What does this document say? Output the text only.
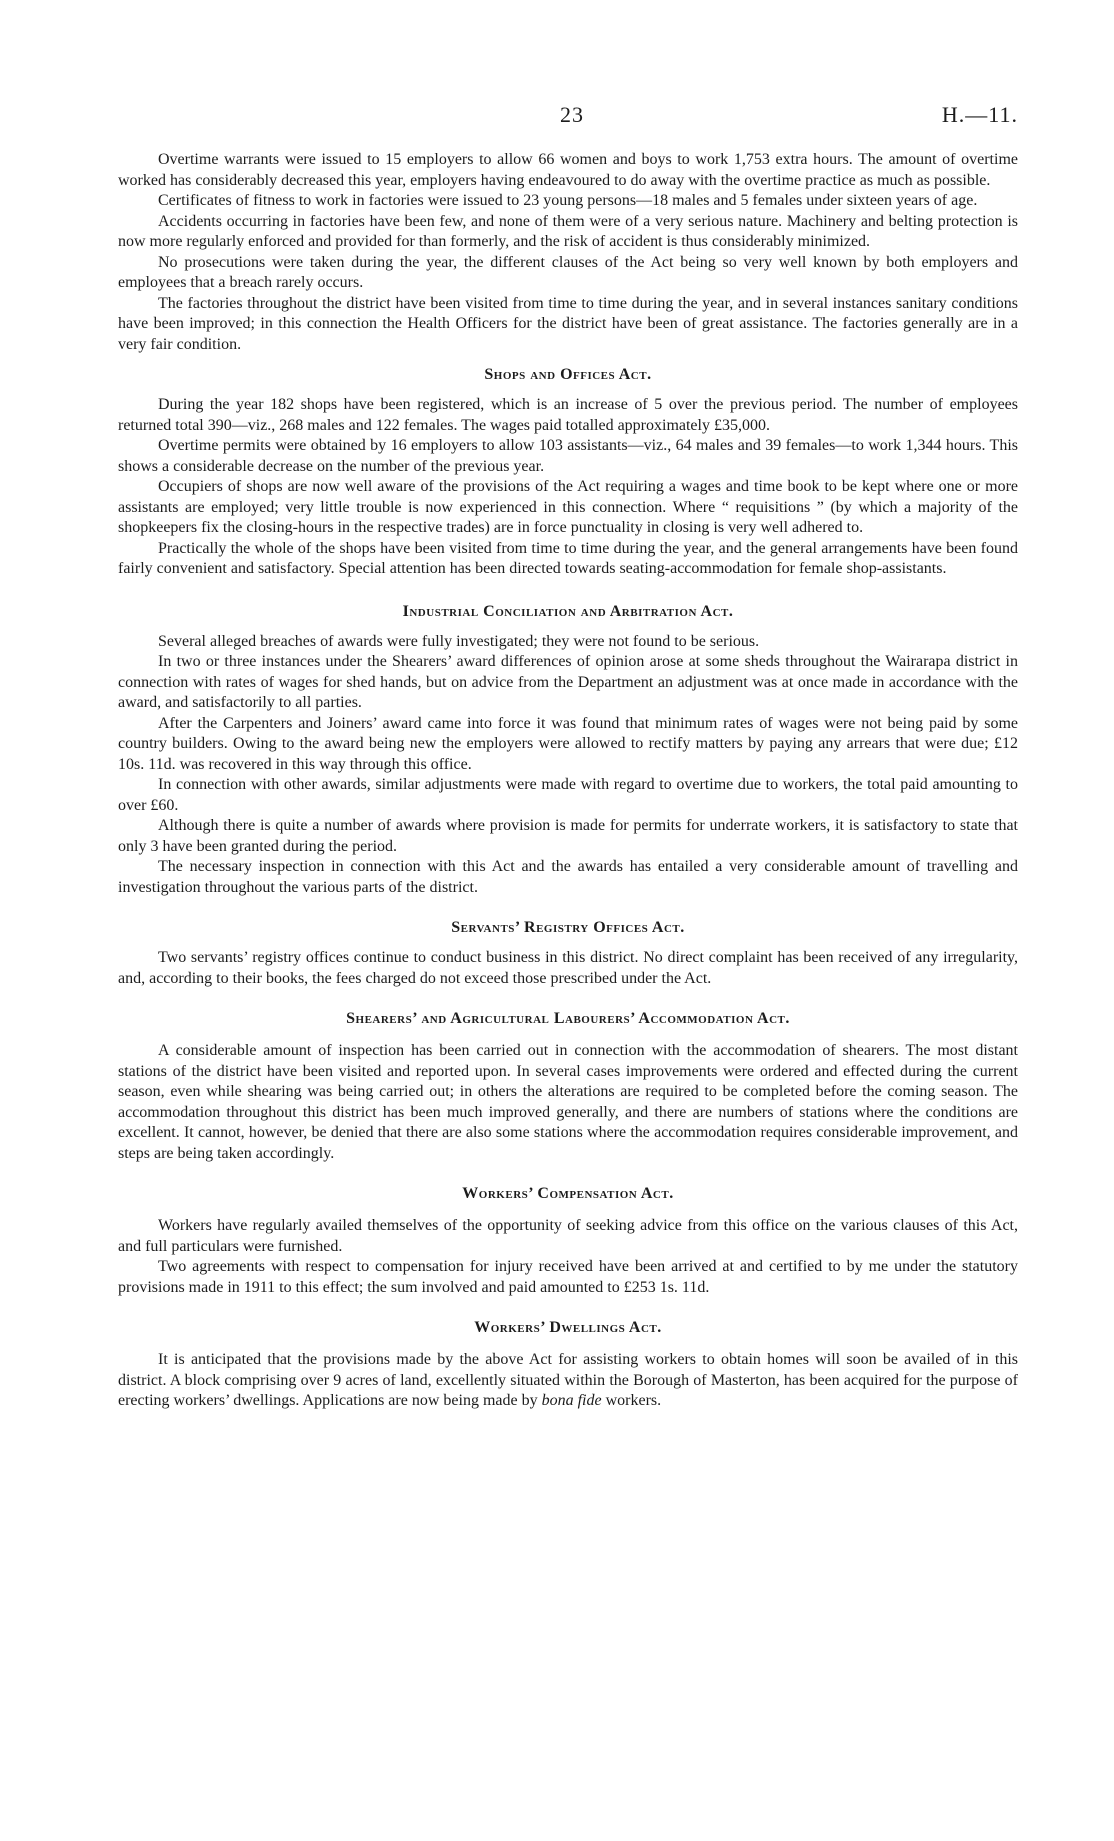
23	H.—11.

Overtime warrants were issued to 15 employers to allow 66 women and boys to work 1,753 extra hours. The amount of overtime worked has considerably decreased this year, employers having endeavoured to do away with the overtime practice as much as possible.

Certificates of fitness to work in factories were issued to 23 young persons—18 males and 5 females under sixteen years of age.

Accidents occurring in factories have been few, and none of them were of a very serious nature. Machinery and belting protection is now more regularly enforced and provided for than formerly, and the risk of accident is thus considerably minimized.

No prosecutions were taken during the year, the different clauses of the Act being so very well known by both employers and employees that a breach rarely occurs.

The factories throughout the district have been visited from time to time during the year, and in several instances sanitary conditions have been improved; in this connection the Health Officers for the district have been of great assistance. The factories generally are in a very fair condition.

Shops and Offices Act.

During the year 182 shops have been registered, which is an increase of 5 over the previous period. The number of employees returned total 390—viz., 268 males and 122 females. The wages paid totalled approximately £35,000.

Overtime permits were obtained by 16 employers to allow 103 assistants—viz., 64 males and 39 females—to work 1,344 hours. This shows a considerable decrease on the number of the previous year.

Occupiers of shops are now well aware of the provisions of the Act requiring a wages and time book to be kept where one or more assistants are employed; very little trouble is now experienced in this connection. Where “ requisitions ” (by which a majority of the shopkeepers fix the closing-hours in the respective trades) are in force punctuality in closing is very well adhered to.

Practically the whole of the shops have been visited from time to time during the year, and the general arrangements have been found fairly convenient and satisfactory. Special attention has been directed towards seating-accommodation for female shop-assistants.

Industrial Conciliation and Arbitration Act.

Several alleged breaches of awards were fully investigated; they were not found to be serious.

In two or three instances under the Shearers’ award differences of opinion arose at some sheds throughout the Wairarapa district in connection with rates of wages for shed hands, but on advice from the Department an adjustment was at once made in accordance with the award, and satisfactorily to all parties.

After the Carpenters and Joiners’ award came into force it was found that minimum rates of wages were not being paid by some country builders. Owing to the award being new the employers were allowed to rectify matters by paying any arrears that were due; £12 10s. 11d. was recovered in this way through this office.

In connection with other awards, similar adjustments were made with regard to overtime due to workers, the total paid amounting to over £60.

Although there is quite a number of awards where provision is made for permits for underrate workers, it is satisfactory to state that only 3 have been granted during the period.

The necessary inspection in connection with this Act and the awards has entailed a very considerable amount of travelling and investigation throughout the various parts of the district.

Servants’ Registry Offices Act.

Two servants’ registry offices continue to conduct business in this district. No direct complaint has been received of any irregularity, and, according to their books, the fees charged do not exceed those prescribed under the Act.

Shearers’ and Agricultural Labourers’ Accommodation Act.

A considerable amount of inspection has been carried out in connection with the accommodation of shearers. The most distant stations of the district have been visited and reported upon. In several cases improvements were ordered and effected during the current season, even while shearing was being carried out; in others the alterations are required to be completed before the coming season. The accommodation throughout this district has been much improved generally, and there are numbers of stations where the conditions are excellent. It cannot, however, be denied that there are also some stations where the accommodation requires considerable improvement, and steps are being taken accordingly.

Workers’ Compensation Act.

Workers have regularly availed themselves of the opportunity of seeking advice from this office on the various clauses of this Act, and full particulars were furnished.

Two agreements with respect to compensation for injury received have been arrived at and certified to by me under the statutory provisions made in 1911 to this effect; the sum involved and paid amounted to £253 1s. 11d.

Workers’ Dwellings Act.

It is anticipated that the provisions made by the above Act for assisting workers to obtain homes will soon be availed of in this district. A block comprising over 9 acres of land, excellently situated within the Borough of Masterton, has been acquired for the purpose of erecting workers’ dwellings. Applications are now being made by bona fide workers.
